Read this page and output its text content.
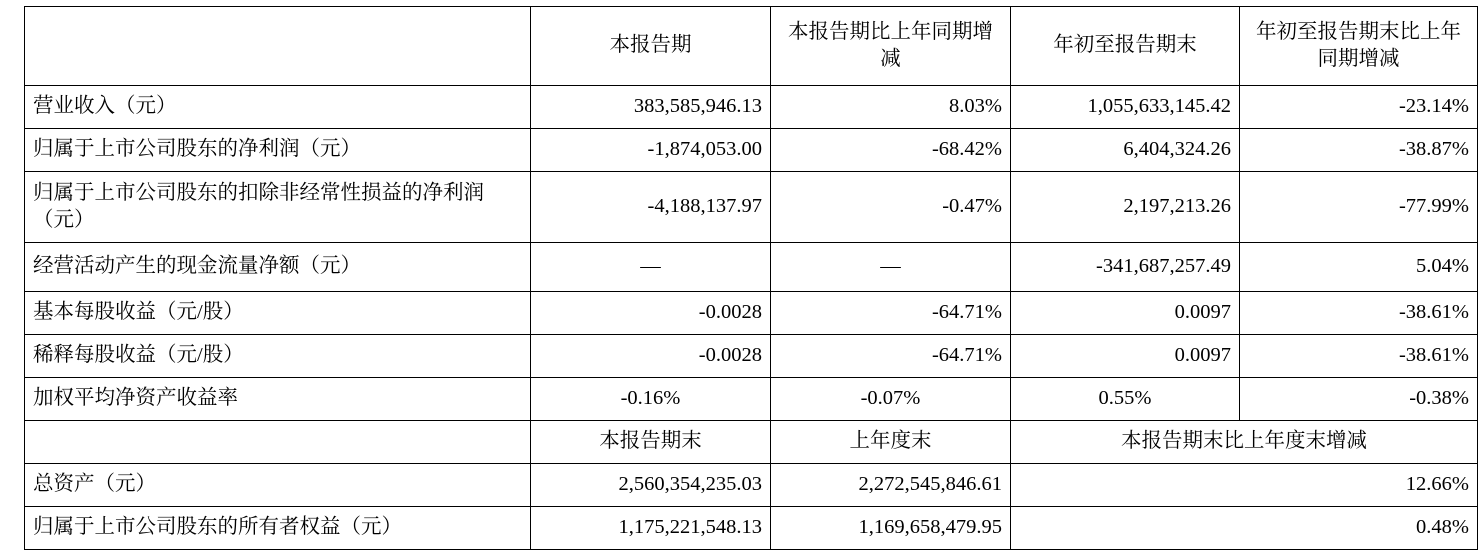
	本报告期	本报告期比上年同期增减	年初至报告期末	年初至报告期末比上年同期增减
营业收入（元）	383,585,946.13	8.03%	1,055,633,145.42	-23.14%
归属于上市公司股东的净利润（元）	-1,874,053.00	-68.42%	6,404,324.26	-38.87%
归属于上市公司股东的扣除非经常性损益的净利润（元）	-4,188,137.97	-0.47%	2,197,213.26	-77.99%
经营活动产生的现金流量净额（元）	—	—	-341,687,257.49	5.04%
基本每股收益（元/股）	-0.0028	-64.71%	0.0097	-38.61%
稀释每股收益（元/股）	-0.0028	-64.71%	0.0097	-38.61%
加权平均净资产收益率	-0.16%	-0.07%	0.55%	-0.38%
	本报告期末	上年度末	本报告期末比上年度末增减	
总资产（元）	2,560,354,235.03	2,272,545,846.61	12.66%	
归属于上市公司股东的所有者权益（元）	1,175,221,548.13	1,169,658,479.95	0.48%	
